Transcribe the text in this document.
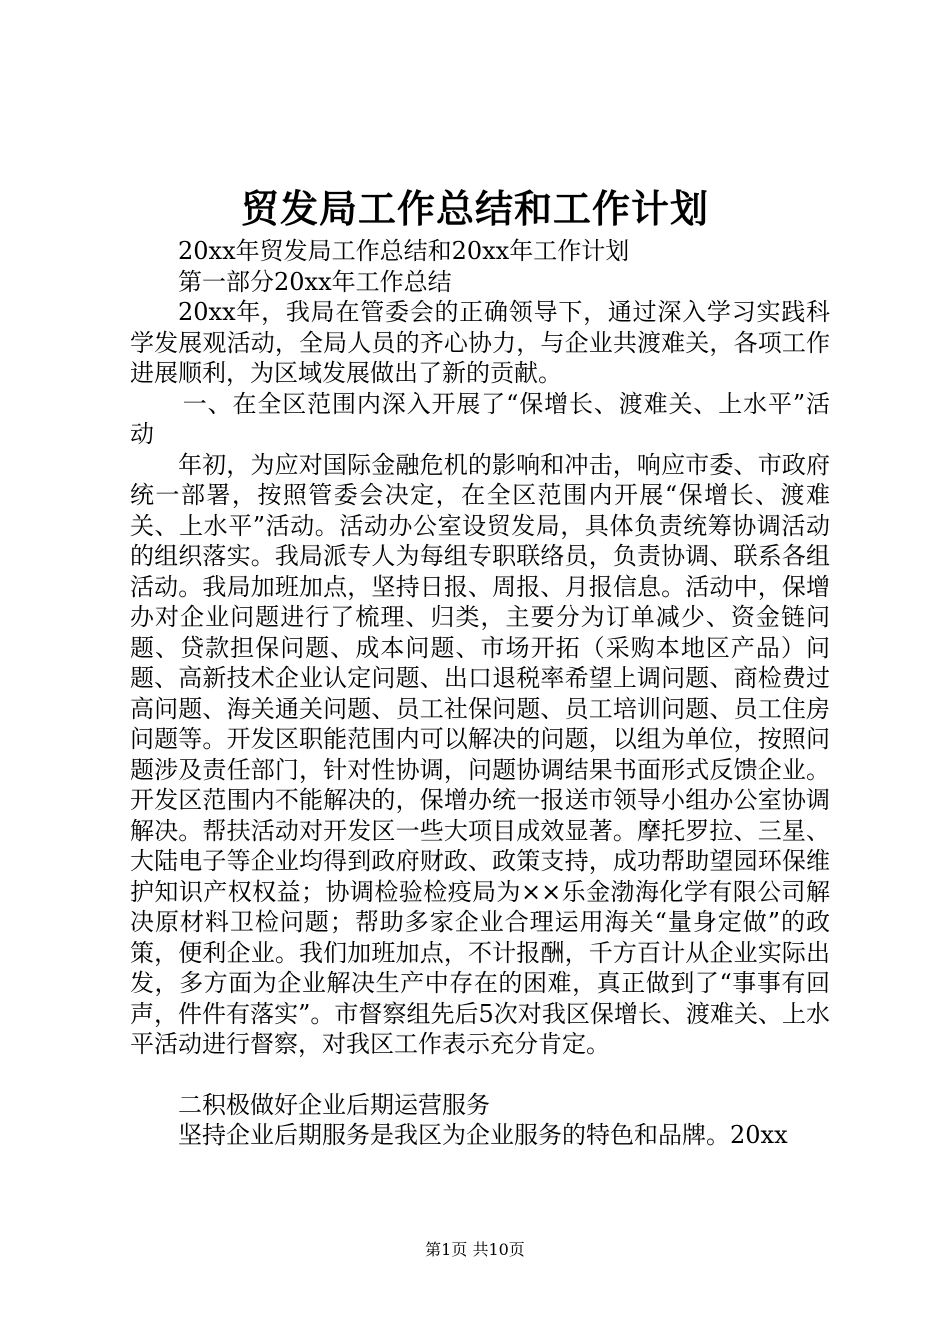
贸发局工作总结和工作计划

20xx年贸发局工作总结和20xx年工作计划

第一部分20xx年工作总结

20xx年，我局在管委会的正确领导下，通过深入学习实践科学发展观活动，全局人员的齐心协力，与企业共渡难关，各项工作进展顺利，为区域发展做出了新的贡献。

一、在全区范围内深入开展了“保增长、渡难关、上水平”活动

年初，为应对国际金融危机的影响和冲击，响应市委、市政府统一部署，按照管委会决定，在全区范围内开展“保增长、渡难关、上水平”活动。活动办公室设贸发局，具体负责统筹协调活动的组织落实。我局派专人为每组专职联络员，负责协调、联系各组活动。我局加班加点，坚持日报、周报、月报信息。活动中，保增办对企业问题进行了梳理、归类，主要分为订单减少、资金链问题、贷款担保问题、成本问题、市场开拓（采购本地区产品）问题、高新技术企业认定问题、出口退税率希望上调问题、商检费过高问题、海关通关问题、员工社保问题、员工培训问题、员工住房问题等。开发区职能范围内可以解决的问题，以组为单位，按照问题涉及责任部门，针对性协调，问题协调结果书面形式反馈企业。开发区范围内不能解决的，保增办统一报送市领导小组办公室协调解决。帮扶活动对开发区一些大项目成效显著。摩托罗拉、三星、大陆电子等企业均得到政府财政、政策支持，成功帮助望园环保维护知识产权权益；协调检验检疫局为××乐金渤海化学有限公司解决原材料卫检问题；帮助多家企业合理运用海关“量身定做”的政策，便利企业。我们加班加点，不计报酬，千方百计从企业实际出发，多方面为企业解决生产中存在的困难，真正做到了“事事有回声，件件有落实”。市督察组先后5次对我区保增长、渡难关、上水平活动进行督察，对我区工作表示充分肯定。

二积极做好企业后期运营服务

坚持企业后期服务是我区为企业服务的特色和品牌。20xx

第1页 共10页
